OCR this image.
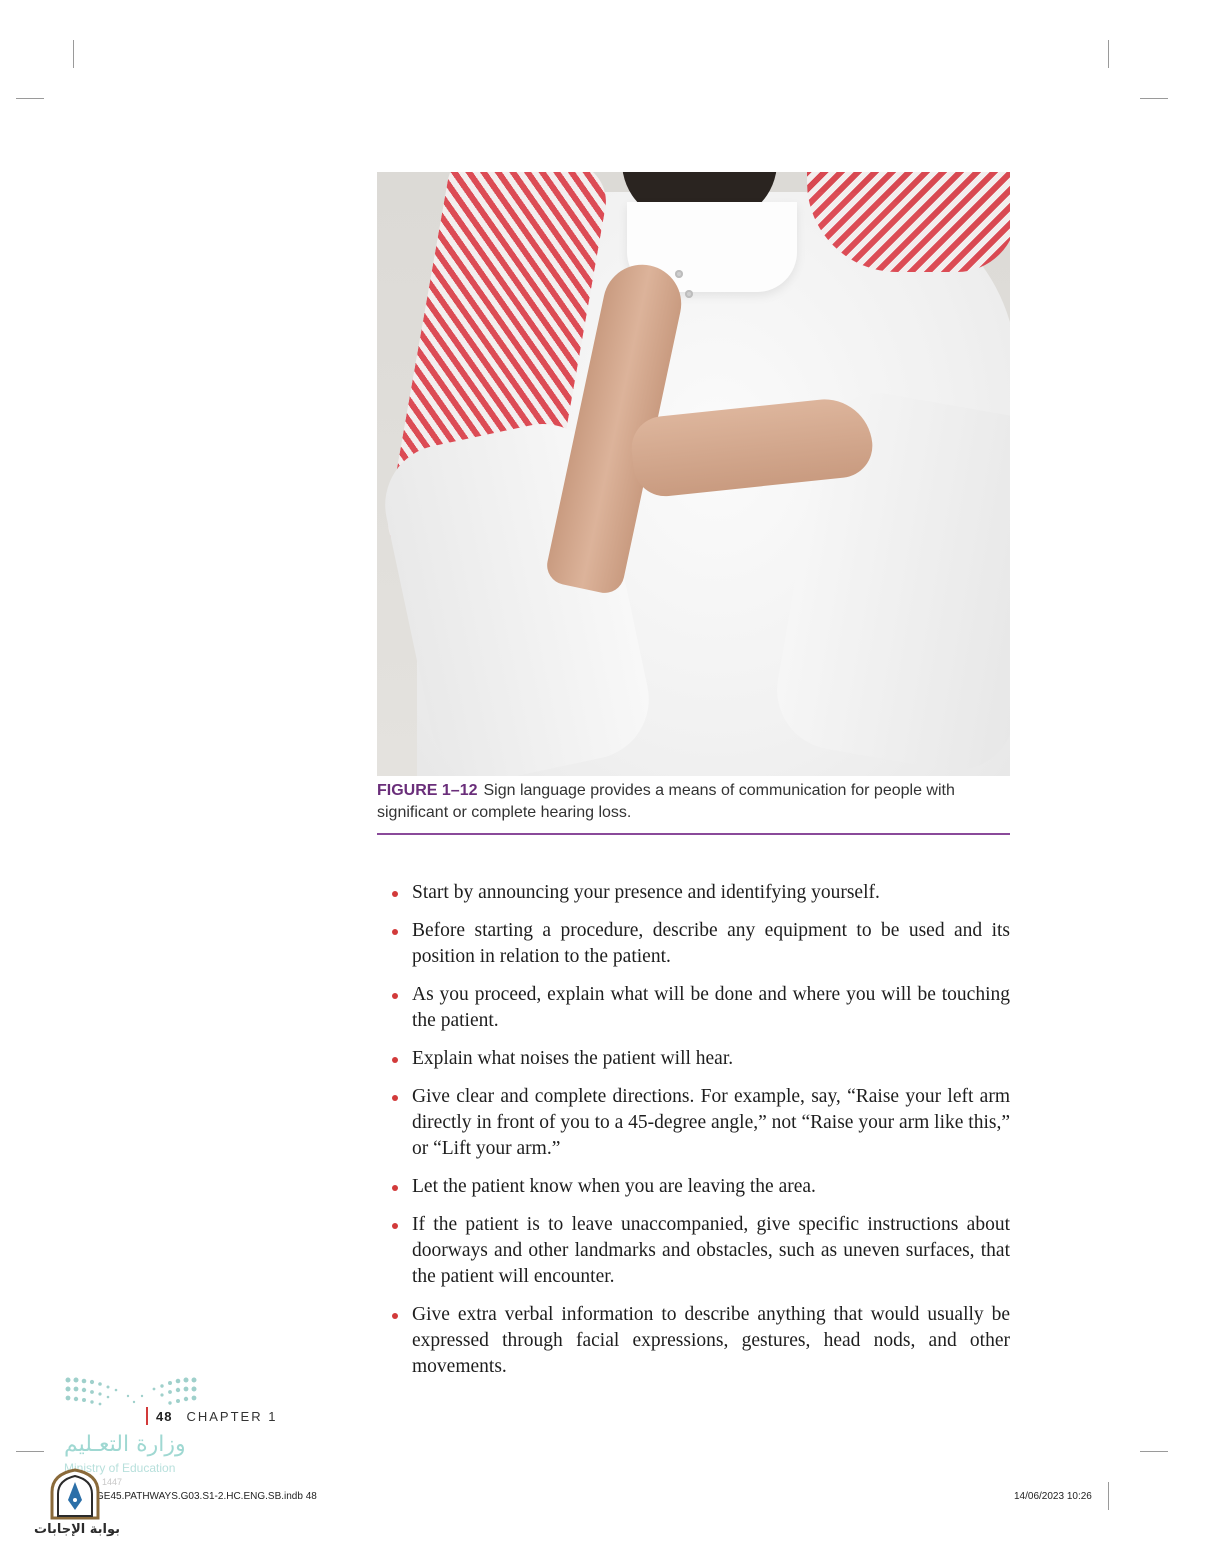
FIGURE 1–12 Sign language provides a means of communication for people with significant or complete hearing loss.
Start by announcing your presence and identifying yourself.
Before starting a procedure, describe any equipment to be used and its position in relation to the patient.
As you proceed, explain what will be done and where you will be touching the patient.
Explain what noises the patient will hear.
Give clear and complete directions. For example, say, “Raise your left arm directly in front of you to a 45-degree angle,” not “Raise your arm like this,” or “Lift your arm.”
Let the patient know when you are leaving the area.
If the patient is to leave unaccompanied, give specific instructions about doorways and other landmarks and obstacles, such as uneven surfaces, that the patient will encounter.
Give extra verbal information to describe anything that would usually be expressed through facial expressions, gestures, head nods, and other movements.
48 CHAPTER 1
وزارة التعـليم
Ministry of Education
1447
GE45.PATHWAYS.G03.S1-2.HC.ENG.SB.indb 48	14/06/2023 10:26
بوابة الإجابات
